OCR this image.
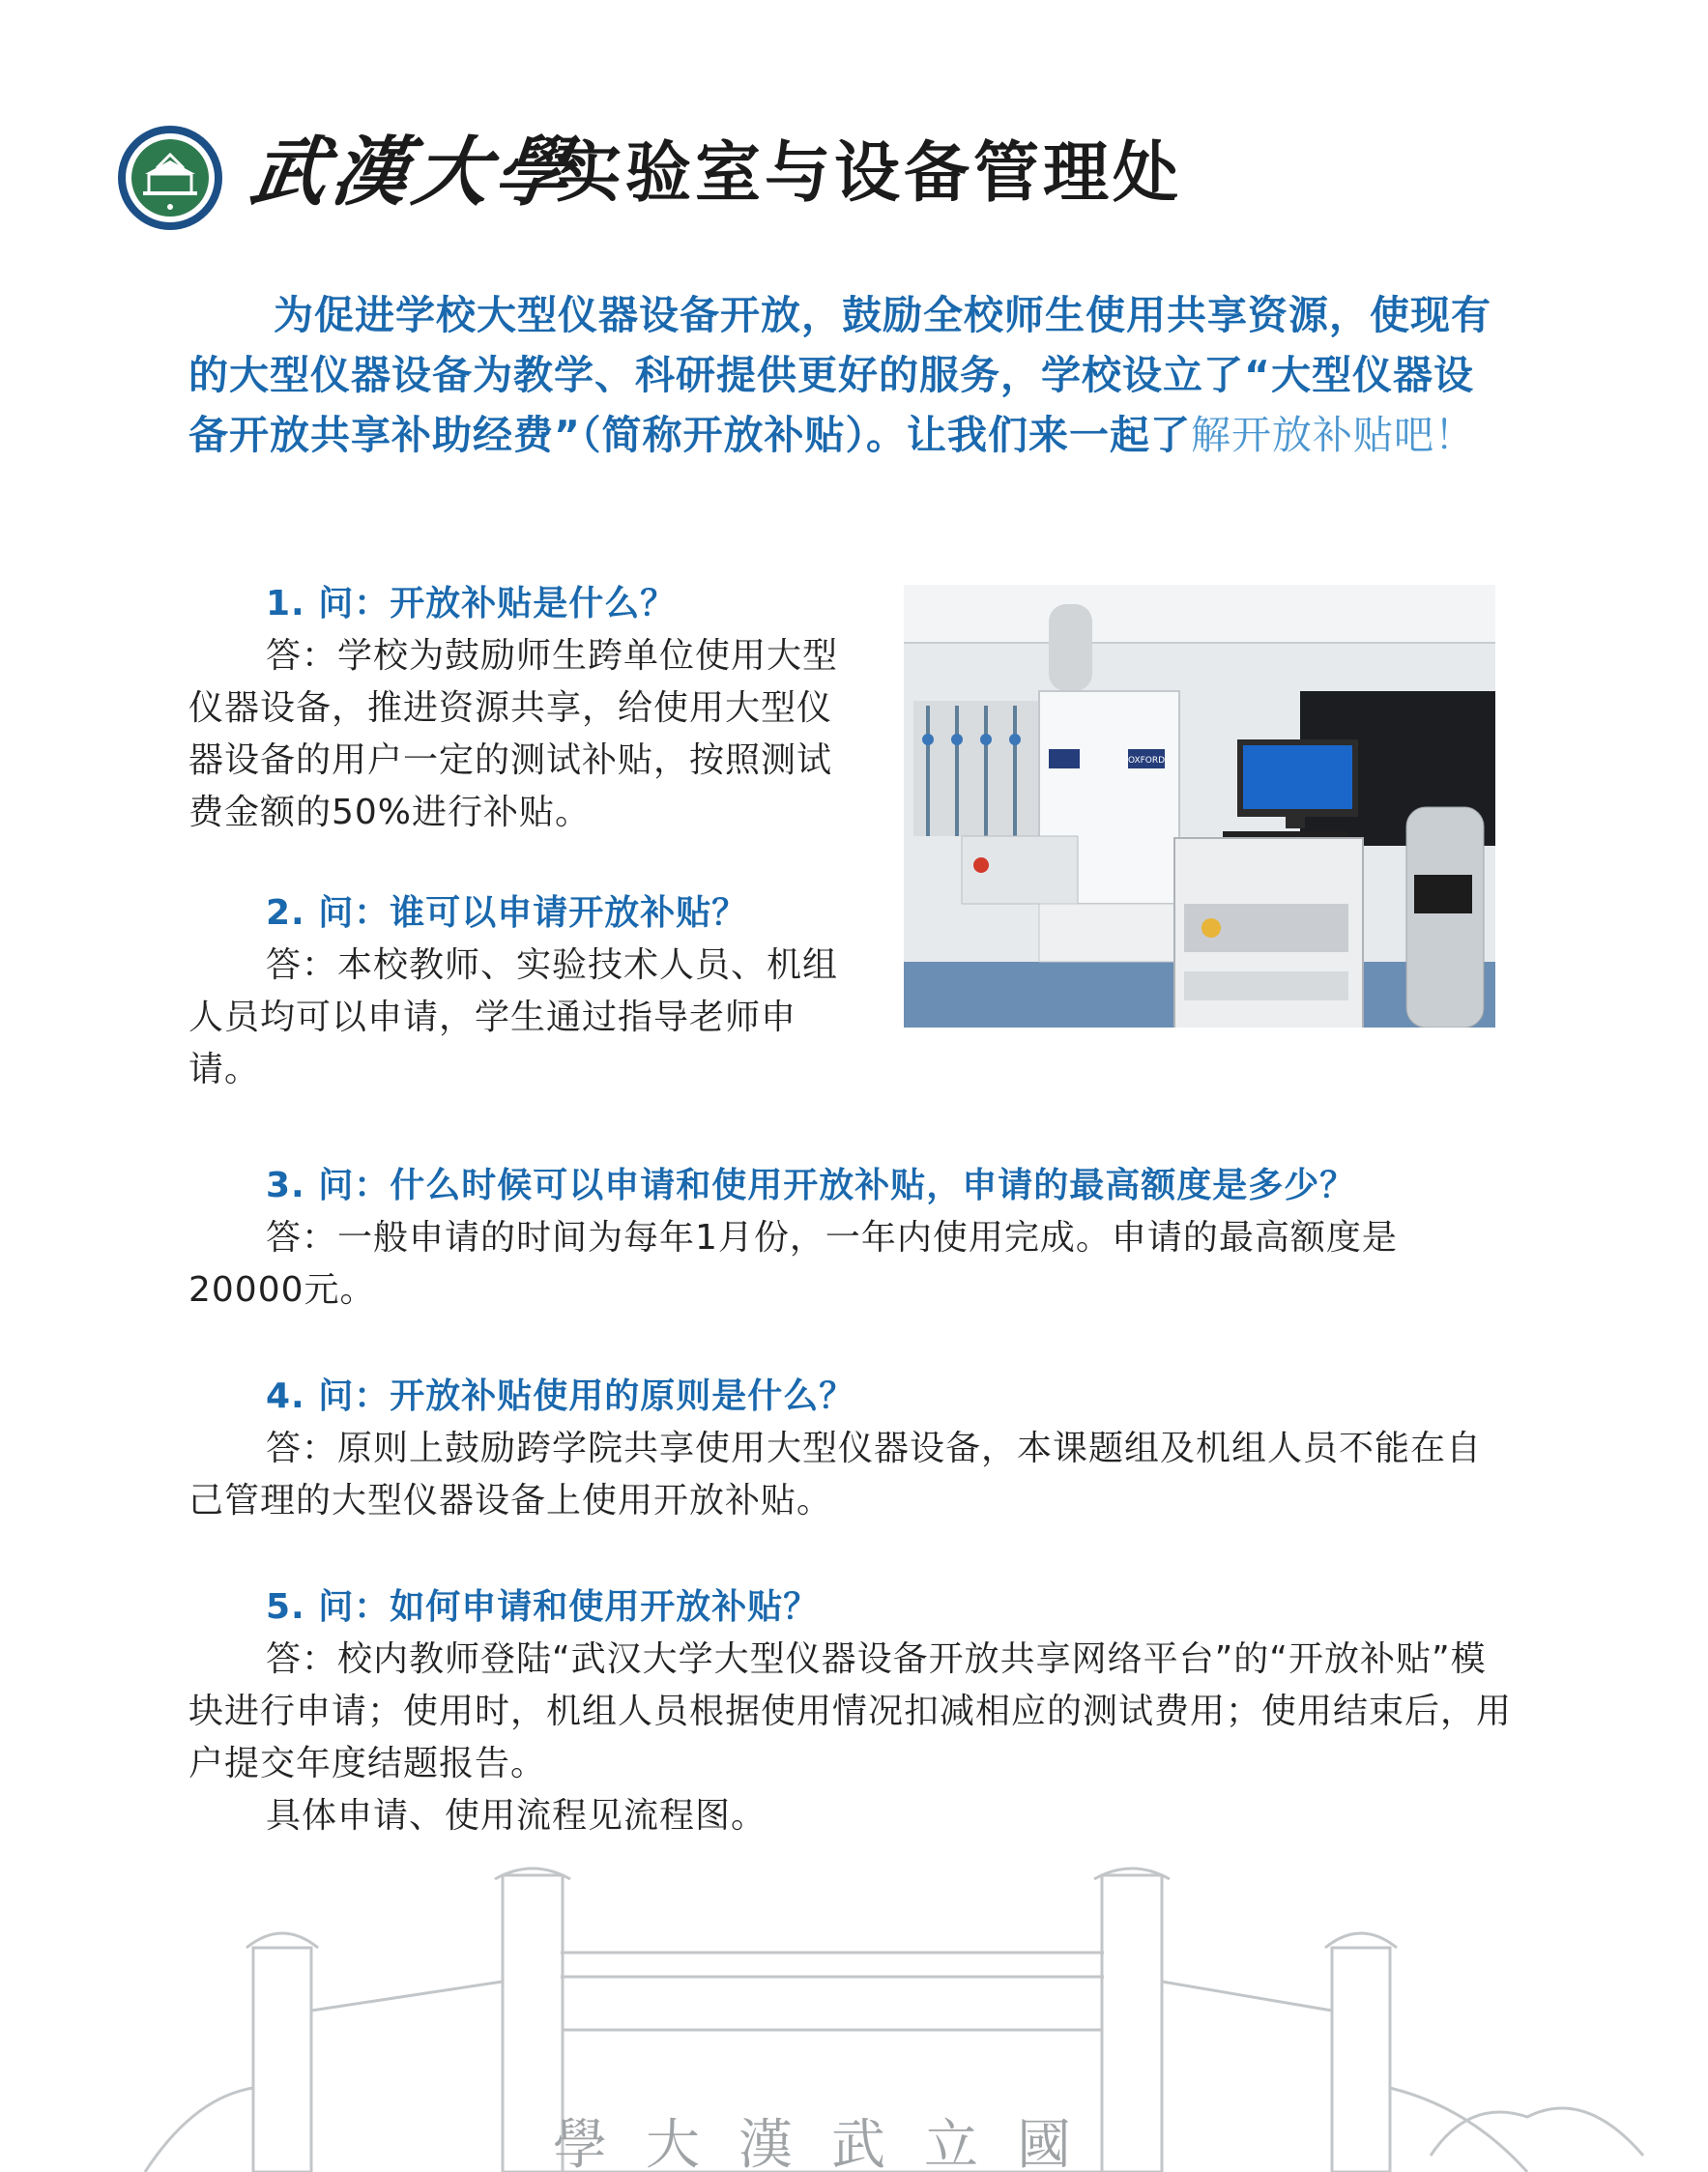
WUHAN UNIVERSITY 武漢大學
实验室与设备管理处
为促进学校大型仪器设备开放，鼓励全校师生使用共享资源，使现有的大型仪器设备为教学、科研提供更好的服务，学校设立了“大型仪器设备开放共享补助经费”（简称开放补贴）。让我们来一起了解开放补贴吧！
1. 问：开放补贴是什么？
答：学校为鼓励师生跨单位使用大型仪器设备，推进资源共享，给使用大型仪器设备的用户一定的测试补贴，按照测试费金额的50%进行补贴。
2. 问：谁可以申请开放补贴？
答：本校教师、实验技术人员、机组人员均可以申请，学生通过指导老师申请。
OXFORD
3. 问：什么时候可以申请和使用开放补贴，申请的最高额度是多少？
答：一般申请的时间为每年1月份，一年内使用完成。申请的最高额度是20000元。
4. 问：开放补贴使用的原则是什么？
答：原则上鼓励跨学院共享使用大型仪器设备，本课题组及机组人员不能在自己管理的大型仪器设备上使用开放补贴。
5. 问：如何申请和使用开放补贴？
答：校内教师登陆“武汉大学大型仪器设备开放共享网络平台”的“开放补贴”模块进行申请；使用时，机组人员根据使用情况扣减相应的测试费用；使用结束后，用户提交年度结题报告。
具体申请、使用流程见流程图。
學大漢武立國
